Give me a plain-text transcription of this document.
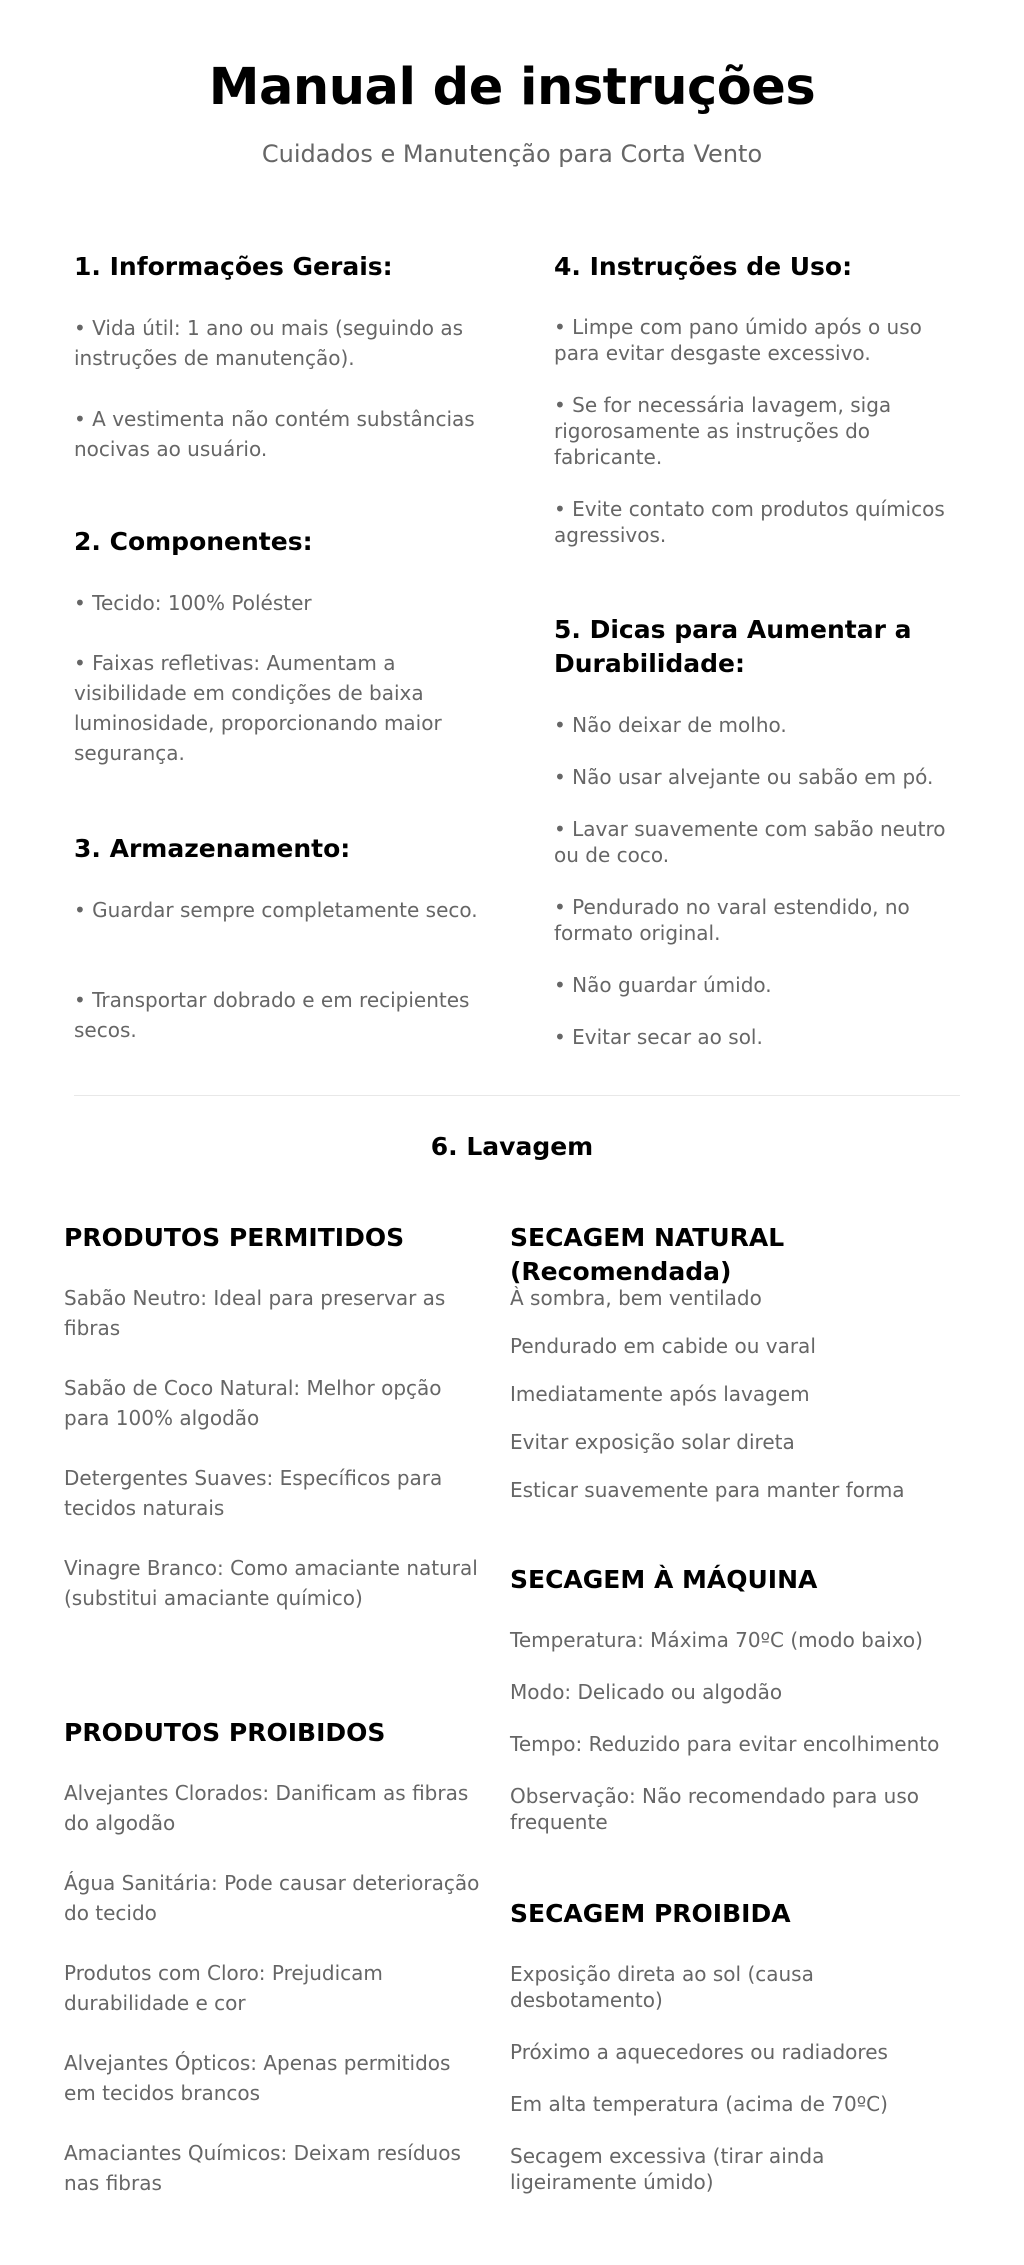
Manual de instruções
Cuidados e Manutenção para Corta Vento
1. Informações Gerais:
• Vida útil: 1 ano ou mais (seguindo as instruções de manutenção).
• A vestimenta não contém substâncias nocivas ao usuário.
2. Componentes:
• Tecido: 100% Poléster
• Faixas refletivas: Aumentam a visibilidade em condições de baixa luminosidade, proporcionando maior segurança.
3. Armazenamento:
• Guardar sempre completamente seco.
• Transportar dobrado e em recipientes secos.
4. Instruções de Uso:
• Limpe com pano úmido após o uso para evitar desgaste excessivo.
• Se for necessária lavagem, siga rigorosamente as instruções do fabricante.
• Evite contato com produtos químicos agressivos.
5. Dicas para Aumentar a Durabilidade:
• Não deixar de molho.
• Não usar alvejante ou sabão em pó.
• Lavar suavemente com sabão neutro ou de coco.
• Pendurado no varal estendido, no formato original.
• Não guardar úmido.
• Evitar secar ao sol.
6. Lavagem
PRODUTOS PERMITIDOS
Sabão Neutro: Ideal para preservar as fibras
Sabão de Coco Natural: Melhor opção para 100% algodão
Detergentes Suaves: Específicos para tecidos naturais
Vinagre Branco: Como amaciante natural (substitui amaciante químico)
PRODUTOS PROIBIDOS
Alvejantes Clorados: Danificam as fibras do algodão
Água Sanitária: Pode causar deterioração do tecido
Produtos com Cloro: Prejudicam durabilidade e cor
Alvejantes Ópticos: Apenas permitidos em tecidos brancos
Amaciantes Químicos: Deixam resíduos nas fibras
SECAGEM NATURAL (Recomendada)
À sombra, bem ventilado
Pendurado em cabide ou varal
Imediatamente após lavagem
Evitar exposição solar direta
Esticar suavemente para manter forma
SECAGEM À MÁQUINA
Temperatura: Máxima 70ºC (modo baixo)
Modo: Delicado ou algodão
Tempo: Reduzido para evitar encolhimento
Observação: Não recomendado para uso frequente
SECAGEM PROIBIDA
Exposição direta ao sol (causa desbotamento)
Próximo a aquecedores ou radiadores
Em alta temperatura (acima de 70ºC)
Secagem excessiva (tirar ainda ligeiramente úmido)
